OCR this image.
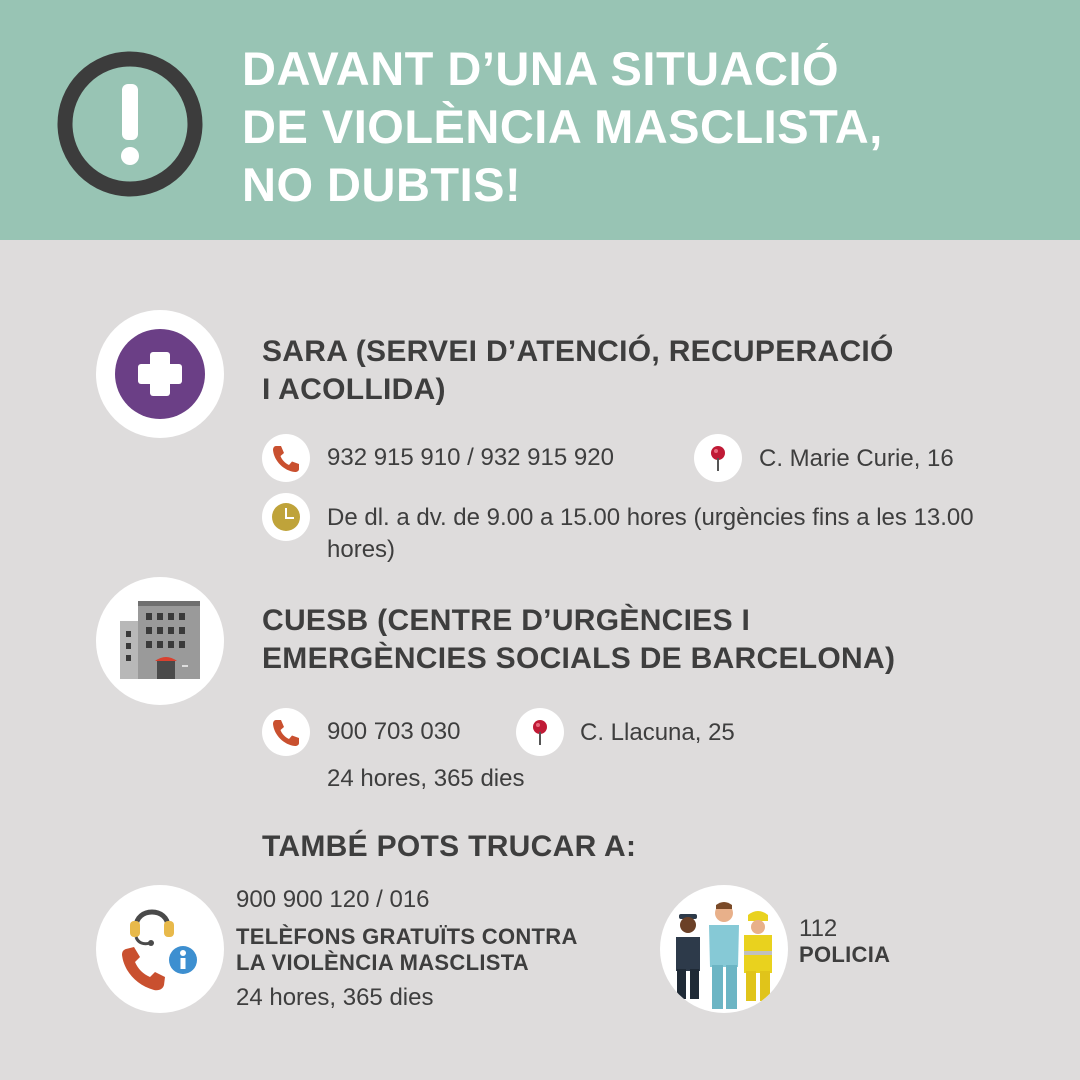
DAVANT D’UNA SITUACIÓ
DE VIOLÈNCIA MASCLISTA,
NO DUBTIS!
SARA (SERVEI D’ATENCIÓ, RECUPERACIÓ
I ACOLLIDA)
932 915 910 / 932 915 920	C. Marie Curie, 16
De dl. a dv. de 9.00 a 15.00 hores (urgències fins a les 13.00 hores)
CUESB (CENTRE D’URGÈNCIES I
EMERGÈNCIES SOCIALS DE BARCELONA)
900 703 030	C. Llacuna, 25
24 hores, 365 dies
TAMBÉ POTS TRUCAR A:
900 900 120 / 016
TELÈFONS GRATUÏTS CONTRA
LA VIOLÈNCIA MASCLISTA
24 hores, 365 dies
112
POLICIA
